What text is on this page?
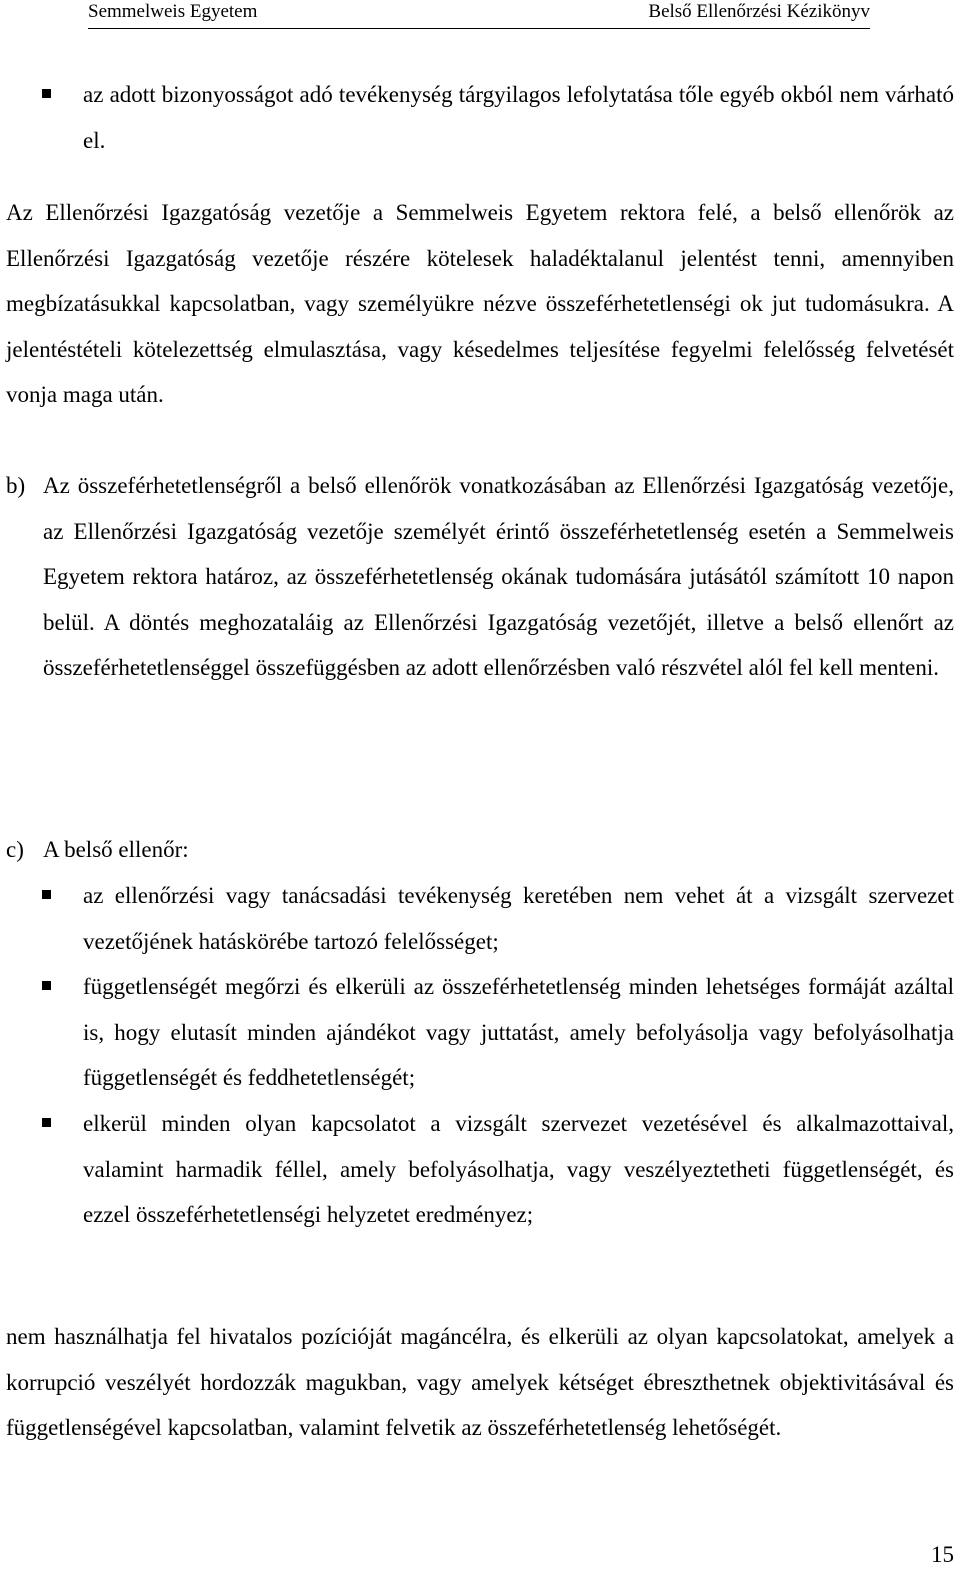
Semmelweis Egyetem	Belső Ellenőrzési Kézikönyv
az adott bizonyosságot adó tevékenység tárgyilagos lefolytatása tőle egyéb okból nem várható el.

Az Ellenőrzési Igazgatóság vezetője a Semmelweis Egyetem rektora felé, a belső ellenőrök az Ellenőrzési Igazgatóság vezetője részére kötelesek haladéktalanul jelentést tenni, amennyiben megbízatásukkal kapcsolatban, vagy személyükre nézve összeférhetetlenségi ok jut tudomásukra. A jelentéstételi kötelezettség elmulasztása, vagy késedelmes teljesítése fegyelmi felelősség felvetését vonja maga után.

b) Az összeférhetetlenségről a belső ellenőrök vonatkozásában az Ellenőrzési Igazgatóság vezetője, az Ellenőrzési Igazgatóság vezetője személyét érintő összeférhetetlenség esetén a Semmelweis Egyetem rektora határoz, az összeférhetetlenség okának tudomására jutásától számított 10 napon belül. A döntés meghozataláig az Ellenőrzési Igazgatóság vezetőjét, illetve a belső ellenőrt az összeférhetetlenséggel összefüggésben az adott ellenőrzésben való részvétel alól fel kell menteni.
c) A belső ellenőr:
az ellenőrzési vagy tanácsadási tevékenység keretében nem vehet át a vizsgált szervezet vezetőjének hatáskörébe tartozó felelősséget;
függetlenségét megőrzi és elkerüli az összeférhetetlenség minden lehetséges formáját azáltal is, hogy elutasít minden ajándékot vagy juttatást, amely befolyásolja vagy befolyásolhatja függetlenségét és feddhetetlenségét;
elkerül minden olyan kapcsolatot a vizsgált szervezet vezetésével és alkalmazottaival, valamint harmadik féllel, amely befolyásolhatja, vagy veszélyeztetheti függetlenségét, és ezzel összeférhetetlenségi helyzetet eredményez;

nem használhatja fel hivatalos pozícióját magáncélra, és elkerüli az olyan kapcsolatokat, amelyek a korrupció veszélyét hordozzák magukban, vagy amelyek kétséget ébreszthetnek objektivitásával és függetlenségével kapcsolatban, valamint felvetik az összeférhetetlenség lehetőségét.

15
